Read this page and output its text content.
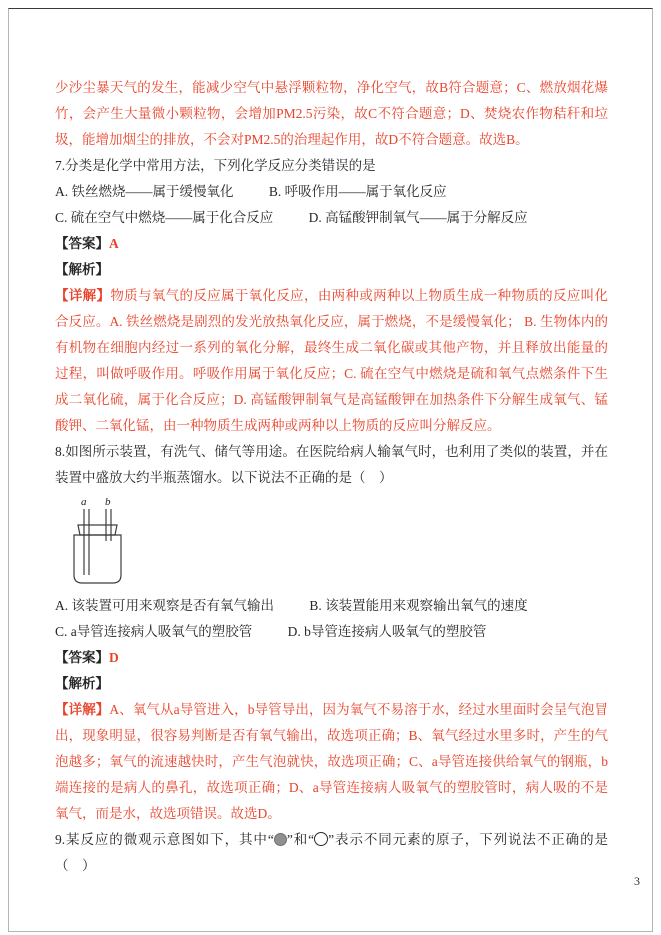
少沙尘暴天气的发生，能减少空气中悬浮颗粒物，净化空气，故B符合题意；C、燃放烟花爆竹，会产生大量微小颗粒物，会增加PM2.5污染，故C不符合题意；D、焚烧农作物秸秆和垃圾，能增加烟尘的排放，不会对PM2.5的治理起作用，故D不符合题意。故选B。

7.分类是化学中常用方法，下列化学反应分类错误的是

A. 铁丝燃烧――属于缓慢氧化	B. 呼吸作用――属于氧化反应

C. 硫在空气中燃烧――属于化合反应	D. 高锰酸钾制氧气――属于分解反应

【答案】A

【解析】

【详解】物质与氧气的反应属于氧化反应，由两种或两种以上物质生成一种物质的反应叫化合反应。A. 铁丝燃烧是剧烈的发光放热氧化反应，属于燃烧，不是缓慢氧化； B. 生物体内的有机物在细胞内经过一系列的氧化分解，最终生成二氧化碳或其他产物，并且释放出能量的过程，叫做呼吸作用。呼吸作用属于氧化反应；C. 硫在空气中燃烧是硫和氧气点燃条件下生成二氧化硫，属于化合反应；D. 高锰酸钾制氧气是高锰酸钾在加热条件下分解生成氧气、锰酸钾、二氧化锰，由一种物质生成两种或两种以上物质的反应叫分解反应。

8.如图所示装置，有洗气、储气等用途。在医院给病人输氧气时，也利用了类似的装置，并在装置中盛放大约半瓶蒸馏水。以下说法不正确的是（　）

a b

A. 该装置可用来观察是否有氧气输出	B. 该装置能用来观察输出氧气的速度

C. a导管连接病人吸氧气的塑胶管	D. b导管连接病人吸氧气的塑胶管

【答案】D

【解析】

【详解】A、氧气从a导管进入，b导管导出，因为氧气不易溶于水，经过水里面时会呈气泡冒出，现象明显，很容易判断是否有氧气输出，故选项正确；B、氧气经过水里多时，产生的气泡越多；氧气的流速越快时，产生气泡就快，故选项正确；C、a导管连接供给氧气的钢瓶，b端连接的是病人的鼻孔，故选项正确；D、a导管连接病人吸氧气的塑胶管时，病人吸的不是氧气，而是水，故选项错误。故选D。

9.某反应的微观示意图如下，其中“ ”和“ ”表示不同元素的原子，下列说法不正确的是（　）

3
